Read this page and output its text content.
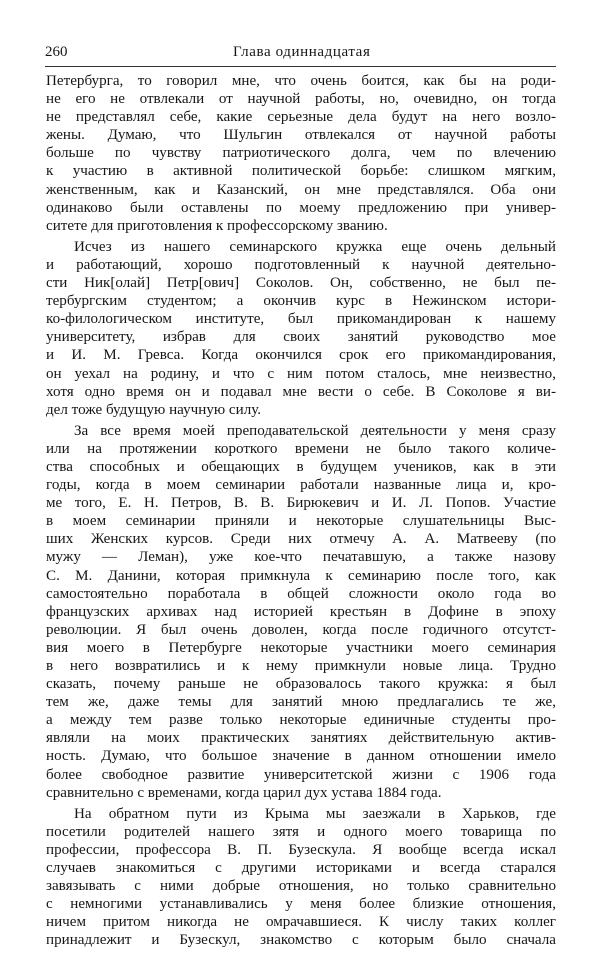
260	Глава одиннадцатая

Петербурга, то говорил мне, что очень боится, как бы на роди-
не его не отвлекали от научной работы, но, очевидно, он тогда
не представлял себе, какие серьезные дела будут на него возло-
жены. Думаю, что Шульгин отвлекался от научной работы
больше по чувству патриотического долга, чем по влечению
к участию в активной политической борьбе: слишком мягким,
женственным, как и Казанский, он мне представлялся. Оба они
одинаково были оставлены по моему предложению при универ-
ситете для приготовления к профессорскому званию.

Исчез из нашего семинарского кружка еще очень дельный
и работающий, хорошо подготовленный к научной деятельно-
сти Ник[олай] Петр[ович] Соколов. Он, собственно, не был пе-
тербургским студентом; а окончив курс в Нежинском истори-
ко-филологическом институте, был прикомандирован к нашему
университету, избрав для своих занятий руководство мое
и И. М. Гревса. Когда окончился срок его прикомандирования,
он уехал на родину, и что с ним потом сталось, мне неизвестно,
хотя одно время он и подавал мне вести о себе. В Соколове я ви-
дел тоже будущую научную силу.

За все время моей преподавательской деятельности у меня сразу
или на протяжении короткого времени не было такого количе-
ства способных и обещающих в будущем учеников, как в эти
годы, когда в моем семинарии работали названные лица и, кро-
ме того, Е. Н. Петров, В. В. Бирюкевич и И. Л. Попов. Участие
в моем семинарии приняли и некоторые слушательницы Выс-
ших Женских курсов. Среди них отмечу А. А. Матвееву (по
мужу — Леман), уже кое-что печатавшую, а также назову
С. М. Данини, которая примкнула к семинарию после того, как
самостоятельно поработала в общей сложности около года во
французских архивах над историей крестьян в Дофине в эпоху
революции. Я был очень доволен, когда после годичного отсутст-
вия моего в Петербурге некоторые участники моего семинария
в него возвратились и к нему примкнули новые лица. Трудно
сказать, почему раньше не образовалось такого кружка: я был
тем же, даже темы для занятий мною предлагались те же,
а между тем разве только некоторые единичные студенты про-
являли на моих практических занятиях действительную актив-
ность. Думаю, что большое значение в данном отношении имело
более свободное развитие университетской жизни с 1906 года
сравнительно с временами, когда царил дух устава 1884 года.

На обратном пути из Крыма мы заезжали в Харьков, где
посетили родителей нашего зятя и одного моего товарища по
профессии, профессора В. П. Бузескула. Я вообще всегда искал
случаев знакомиться с другими историками и всегда старался
завязывать с ними добрые отношения, но только сравнительно
с немногими устанавливались у меня более близкие отношения,
ничем притом никогда не омрачавшиеся. К числу таких коллег
принадлежит и Бузескул, знакомство с которым было сначала
